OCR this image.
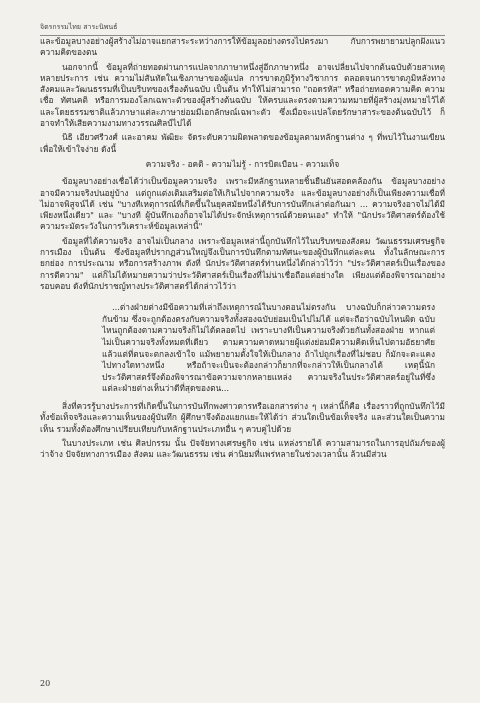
จิตรกรรมไทย สาระนิพนธ์

และข้อมูลบางอย่างผู้สร้างไม่อาจแยกสาระระหว่างการให้ข้อมูลอย่างตรงไปตรงมา กับการพยายามปลูกฝังแนวความคิดของตน

นอกจากนี้ ข้อมูลที่ถ่ายทอดผ่านการแปลจากภาษาหนึ่งสู่อีกภาษาหนึ่ง อาจเปลี่ยนไปจากต้นฉบับด้วยสาเหตุหลายประการ เช่น ความไม่สันทัดในเชิงภาษาของผู้แปล การขาดภูมิรู้ทางวิชาการ ตลอดจนการขาดภูมิหลังทางสังคมและวัฒนธรรมที่เป็นบริบทของเรื่องต้นฉบับ เป็นต้น ทำให้ไม่สามารถ "ถอดรหัส" หรือถ่ายทอดความคิด ความเชื่อ ทัศนคติ หรือการมองโลกเฉพาะตัวของผู้สร้างต้นฉบับ ให้ครบและตรงตามความหมายที่ผู้สร้างมุ่งหมายไว้ได้ และโดยธรรมชาติแล้วภาษาแต่ละภาษาย่อมมีเอกลักษณ์เฉพาะตัว ซึ่งเมื่อจะแปลโดยรักษาสาระของต้นฉบับไว้ ก็อาจทำให้เสียความงามทางวรรณศิลป์ไปได้

นิธิ เอียวศรีวงศ์ และอาคม พัฒิยะ จัดระดับความผิดพลาดของข้อมูลตามหลักฐานต่าง ๆ ที่พบไว้ในงานเขียนเพื่อให้เข้าใจง่าย ดังนี้

ความจริง - อคติ - ความไม่รู้ - การบิดเบือน - ความเท็จ

ข้อมูลบางอย่างเชื่อได้ว่าเป็นข้อมูลความจริง เพราะมีหลักฐานหลายชิ้นยืนยันสอดคล้องกัน ข้อมูลบางอย่างอาจมีความจริงปนอยู่บ้าง แต่ถูกแต่งเติมเสริมต่อให้เกินไปจากความจริง และข้อมูลบางอย่างก็เป็นเพียงความเชื่อที่ไม่อาจพิสูจน์ได้ เช่น "บางทีเหตุการณ์ที่เกิดขึ้นในยุคสมัยหนึ่งได้รับการบันทึกเล่าต่อกันมา ... ความจริงอาจไม่ได้มีเพียงหนึ่งเดียว" และ "บางที ผู้บันทึกเองก็อาจไม่ได้ประจักษ์เหตุการณ์ด้วยตนเอง" ทำให้ "นักประวัติศาสตร์ต้องใช้ความระมัดระวังในการวิเคราะห์ข้อมูลเหล่านี้"

ข้อมูลที่ได้ความจริง อาจไม่เป็นกลาง เพราะข้อมูลเหล่านี้ถูกบันทึกไว้ในบริบทของสังคม วัฒนธรรมเศรษฐกิจ การเมือง เป็นต้น ซึ่งข้อมูลที่ปรากฏส่วนใหญ่จึงเป็นการบันทึกตามทัศนะของผู้บันทึกแต่ละคน ทั้งในลักษณะการยกย่อง การประณาม หรือการสร้างภาพ ดังที่ นักประวัติศาสตร์ท่านหนึ่งได้กล่าวไว้ว่า "ประวัติศาสตร์เป็นเรื่องของการตีความ" แต่ก็ไม่ได้หมายความว่าประวัติศาสตร์เป็นเรื่องที่ไม่น่าเชื่อถือแต่อย่างใด เพียงแต่ต้องพิจารณาอย่างรอบคอบ ดังที่นักปราชญ์ทางประวัติศาสตร์ได้กล่าวไว้ว่า

...ต่างฝ่ายต่างมีข้อความที่เล่าถึงเหตุการณ์ในบางตอนไม่ตรงกัน บางฉบับก็กล่าวความตรงกันข้าม ซึ่งจะถูกต้องตรงกับความจริงทั้งสองฉบับย่อมเป็นไปไม่ได้ แต่จะถือว่าฉบับไหนผิด ฉบับไหนถูกต้องตามความจริงก็ไม่ได้ตลอดไป เพราะบางทีเป็นความจริงด้วยกันทั้งสองฝ่าย หากแต่ไม่เป็นความจริงทั้งหมดที่เดียว ตามความคาดหมายผู้แต่งย่อมมีความคิดเห็นไปตามอัธยาศัย แล้วแต่ที่ตนจะตกลงเข้าใจ แม้พยายามตั้งใจให้เป็นกลาง ถ้าไปถูกเรื่องที่ไม่ชอบ ก็มักจะตะแคงไปทางใดทางหนึ่ง หรือถ้าจะเป็นจะต้องกล่าวก็ยากที่จะกล่าวให้เป็นกลางได้ เหตุนี้นักประวัติศาสตร์จึงต้องพิจารณาข้อความจากหลายแหล่ง ความจริงในประวัติศาสตร์อยู่ในที่ซึ่งแต่ละฝ่ายต่างเห็นว่าดีที่สุดของตน...

สิ่งที่ควรรู้บางประการที่เกิดขึ้นในการบันทึกพงศาวดารหรือเอกสารต่าง ๆ เหล่านี้ก็คือ เรื่องราวที่ถูกบันทึกไว้มีทั้งข้อเท็จจริงและความเห็นของผู้บันทึก ผู้ศึกษาจึงต้องแยกแยะให้ได้ว่า ส่วนใดเป็นข้อเท็จจริง และส่วนใดเป็นความเห็น รวมทั้งต้องศึกษาเปรียบเทียบกับหลักฐานประเภทอื่น ๆ ควบคู่ไปด้วย

ในบางประเภท เช่น ศิลปกรรม นั้น ปัจจัยทางเศรษฐกิจ เช่น แหล่งรายได้ ความสามารถในการอุปถัมภ์ของผู้ว่าจ้าง ปัจจัยทางการเมือง สังคม และวัฒนธรรม เช่น ค่านิยมที่แพร่หลายในช่วงเวลานั้น ล้วนมีส่วน

20
